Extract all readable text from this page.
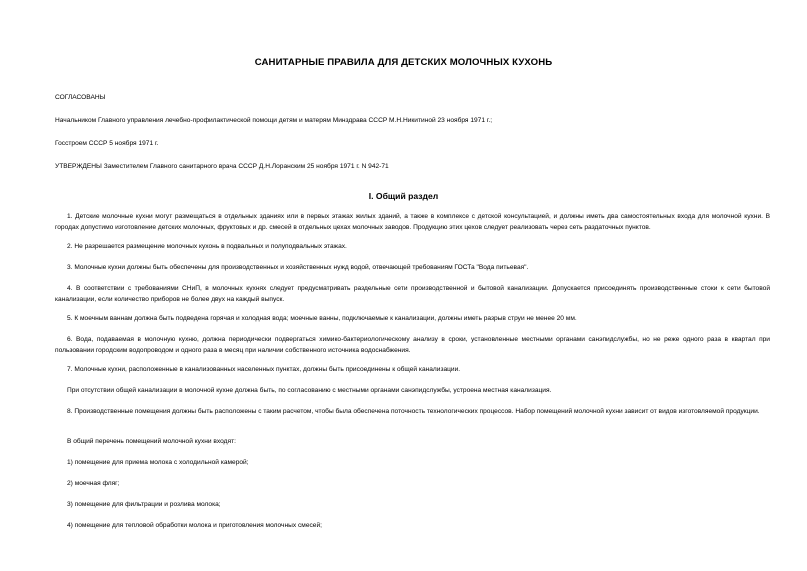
САНИТАРНЫЕ ПРАВИЛА ДЛЯ ДЕТСКИХ МОЛОЧНЫХ КУХОНЬ
СОГЛАСОВАНЫ
Начальником Главного управления лечебно-профилактической помощи детям и матерям Минздрава СССР М.Н.Никитиной 23 ноября 1971 г.;
Госстроем СССР 5 ноября 1971 г.
УТВЕРЖДЕНЫ Заместителем Главного санитарного врача СССР Д.Н.Лоранским 25 ноября 1971 г. N 942-71
I. Общий раздел
1. Детские молочные кухни могут размещаться в отдельных зданиях или в первых этажах жилых зданий, а также в комплексе с детской консультацией, и должны иметь два самостоятельных входа для молочной кухни. В городах допустимо изготовление детских молочных, фруктовых и др. смесей в отдельных цехах молочных заводов. Продукцию этих цехов следует реализовать через сеть раздаточных пунктов.
2. Не разрешается размещение молочных кухонь в подвальных и полуподвальных этажах.
3. Молочные кухни должны быть обеспечены для производственных и хозяйственных нужд водой, отвечающей требованиям ГОСТа "Вода питьевая".
4. В соответствии с требованиями СНиП, в молочных кухнях следует предусматривать раздельные сети производственной и бытовой канализации. Допускается присоединять производственные стоки к сети бытовой канализации, если количество приборов не более двух на каждый выпуск.
5. К моечным ваннам должна быть подведена горячая и холодная вода; моечные ванны, подключаемые к канализации, должны иметь разрыв струи не менее 20 мм.
6. Вода, подаваемая в молочную кухню, должна периодически подвергаться химико-бактериологическому анализу в сроки, установленные местными органами санэпидслужбы, но не реже одного раза в квартал при пользовании городским водопроводом и одного раза в месяц при наличии собственного источника водоснабжения.
7. Молочные кухни, расположенные в канализованных населенных пунктах, должны быть присоединены к общей канализации.
При отсутствии общей канализации в молочной кухне должна быть, по согласованию с местными органами санэпидслужбы, устроена местная канализация.
8. Производственные помещения должны быть расположены с таким расчетом, чтобы была обеспечена поточность технологических процессов. Набор помещений молочной кухни зависит от видов изготовляемой продукции.
В общий перечень помещений молочной кухни входят:
1) помещение для приема молока с холодильной камерой;
2) моечная фляг;
3) помещение для фильтрации и розлива молока;
4) помещение для тепловой обработки молока и приготовления молочных смесей;
